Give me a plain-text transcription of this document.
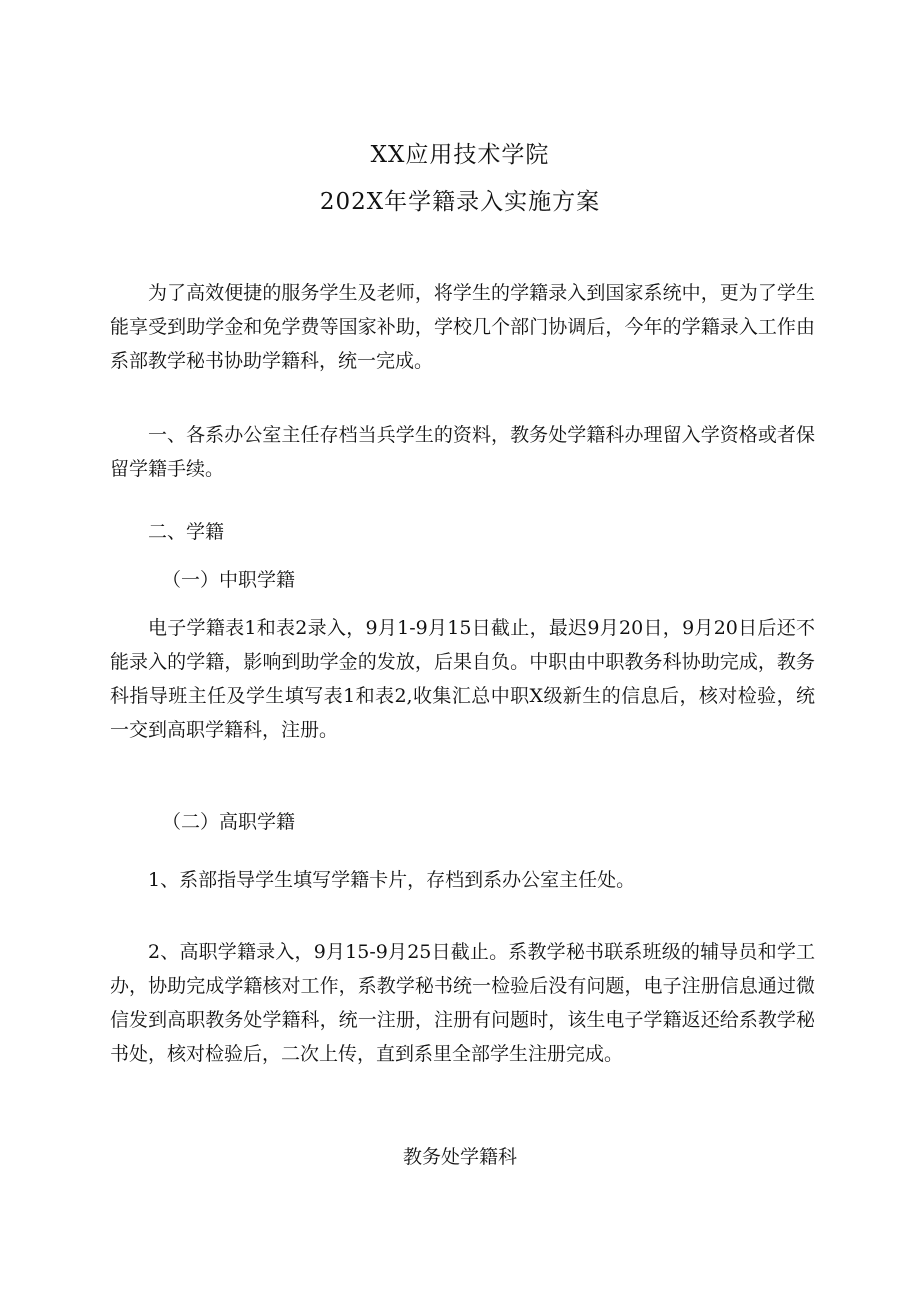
XX应用技术学院
202X年学籍录入实施方案

为了高效便捷的服务学生及老师，将学生的学籍录入到国家系统中，更为了学生能享受到助学金和免学费等国家补助，学校几个部门协调后，今年的学籍录入工作由系部教学秘书协助学籍科，统一完成。

一、各系办公室主任存档当兵学生的资料，教务处学籍科办理留入学资格或者保留学籍手续。

二、学籍

（一）中职学籍

电子学籍表1和表2录入，9月1-9月15日截止，最迟9月20日，9月20日后还不能录入的学籍，影响到助学金的发放，后果自负。中职由中职教务科协助完成，教务科指导班主任及学生填写表1和表2,收集汇总中职X级新生的信息后，核对检验，统一交到高职学籍科，注册。

（二）高职学籍

1、系部指导学生填写学籍卡片，存档到系办公室主任处。

2、高职学籍录入，9月15-9月25日截止。系教学秘书联系班级的辅导员和学工办，协助完成学籍核对工作，系教学秘书统一检验后没有问题，电子注册信息通过微信发到高职教务处学籍科，统一注册，注册有问题时，该生电子学籍返还给系教学秘书处，核对检验后，二次上传，直到系里全部学生注册完成。

教务处学籍科
